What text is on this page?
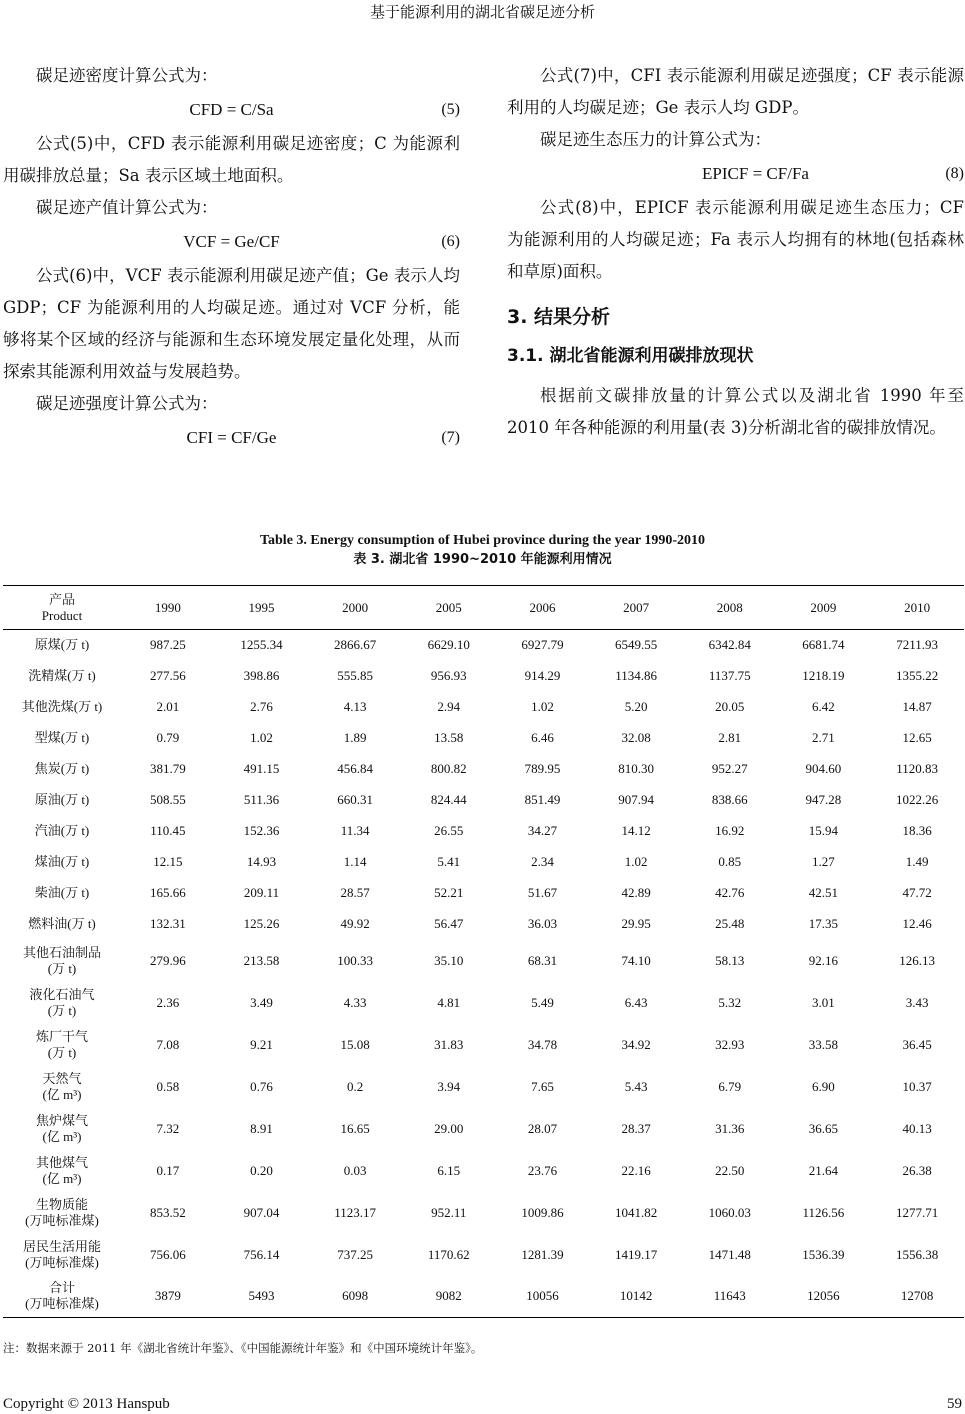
基于能源利用的湖北省碳足迹分析

碳足迹密度计算公式为：

CFD = C/Sa	(5)

公式(5)中，CFD 表示能源利用碳足迹密度；C 为能源利用碳排放总量；Sa 表示区域土地面积。

碳足迹产值计算公式为：

VCF = Ge/CF	(6)

公式(6)中，VCF 表示能源利用碳足迹产值；Ge 表示人均 GDP；CF 为能源利用的人均碳足迹。通过对 VCF 分析，能够将某个区域的经济与能源和生态环境发展定量化处理，从而探索其能源利用效益与发展趋势。

碳足迹强度计算公式为：

CFI = CF/Ge	(7)

公式(7)中，CFI 表示能源利用碳足迹强度；CF 表示能源利用的人均碳足迹；Ge 表示人均 GDP。

碳足迹生态压力的计算公式为：

EPICF = CF/Fa	(8)

公式(8)中，EPICF 表示能源利用碳足迹生态压力；CF 为能源利用的人均碳足迹；Fa 表示人均拥有的林地(包括森林和草原)面积。

3. 结果分析
3.1. 湖北省能源利用碳排放现状

根据前文碳排放量的计算公式以及湖北省 1990 年至 2010 年各种能源的利用量(表 3)分析湖北省的碳排放情况。

Table 3. Energy consumption of Hubei province during the year 1990-2010
表 3. 湖北省 1990~2010 年能源利用情况
产品
Product	1990	1995	2000	2005	2006	2007	2008	2009	2010
原煤(万 t)	987.25	1255.34	2866.67	6629.10	6927.79	6549.55	6342.84	6681.74	7211.93
洗精煤(万 t)	277.56	398.86	555.85	956.93	914.29	1134.86	1137.75	1218.19	1355.22
其他洗煤(万 t)	2.01	2.76	4.13	2.94	1.02	5.20	20.05	6.42	14.87
型煤(万 t)	0.79	1.02	1.89	13.58	6.46	32.08	2.81	2.71	12.65
焦炭(万 t)	381.79	491.15	456.84	800.82	789.95	810.30	952.27	904.60	1120.83
原油(万 t)	508.55	511.36	660.31	824.44	851.49	907.94	838.66	947.28	1022.26
汽油(万 t)	110.45	152.36	11.34	26.55	34.27	14.12	16.92	15.94	18.36
煤油(万 t)	12.15	14.93	1.14	5.41	2.34	1.02	0.85	1.27	1.49
柴油(万 t)	165.66	209.11	28.57	52.21	51.67	42.89	42.76	42.51	47.72
燃料油(万 t)	132.31	125.26	49.92	56.47	36.03	29.95	25.48	17.35	12.46
其他石油制品
(万 t)	279.96	213.58	100.33	35.10	68.31	74.10	58.13	92.16	126.13
液化石油气
(万 t)	2.36	3.49	4.33	4.81	5.49	6.43	5.32	3.01	3.43
炼厂干气
(万 t)	7.08	9.21	15.08	31.83	34.78	34.92	32.93	33.58	36.45
天然气
(亿 m³)	0.58	0.76	0.2	3.94	7.65	5.43	6.79	6.90	10.37
焦炉煤气
(亿 m³)	7.32	8.91	16.65	29.00	28.07	28.37	31.36	36.65	40.13
其他煤气
(亿 m³)	0.17	0.20	0.03	6.15	23.76	22.16	22.50	21.64	26.38
生物质能
(万吨标准煤)	853.52	907.04	1123.17	952.11	1009.86	1041.82	1060.03	1126.56	1277.71
居民生活用能
(万吨标准煤)	756.06	756.14	737.25	1170.62	1281.39	1419.17	1471.48	1536.39	1556.38
合计
(万吨标准煤)	3879	5493	6098	9082	10056	10142	11643	12056	12708
注：数据来源于 2011 年《湖北省统计年鉴》、《中国能源统计年鉴》和《中国环境统计年鉴》。
Copyright © 2013 Hanspub	59
